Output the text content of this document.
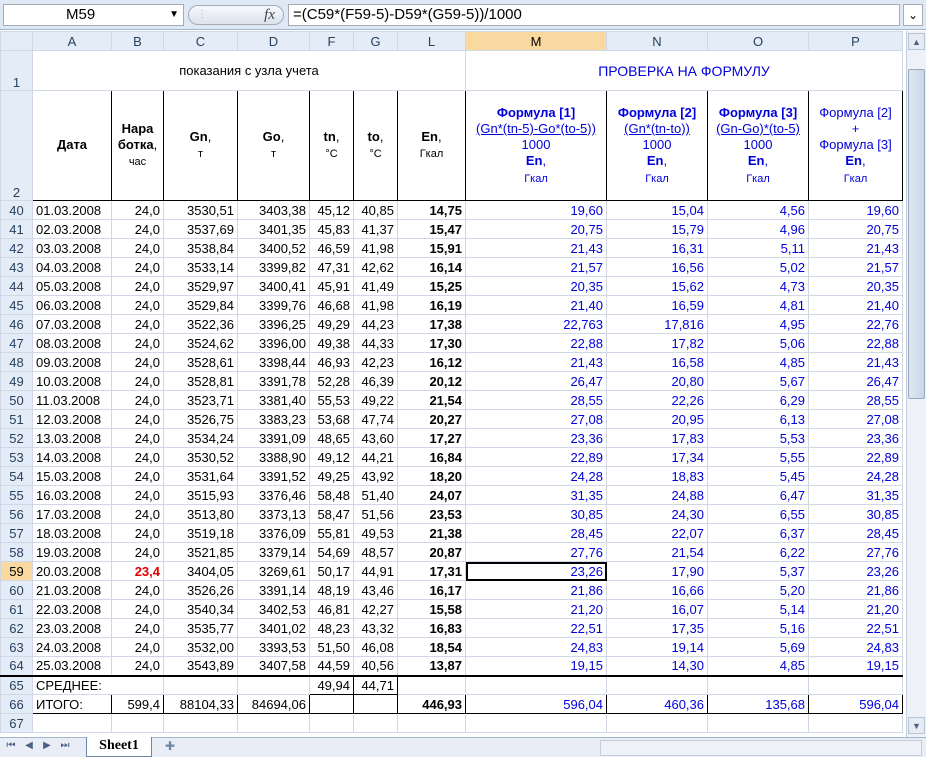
M59	▼ ⋮	fx	=(C59*(F59-5)-D59*(G59-5))/1000	⌄
	A	B	C	D	F	G	L	M	N	O	P
1	показания с узла учета							ПРОВЕРКА НА ФОРМУЛУ			
2	Дата	Нара
ботка,
час	Gn,
т	Go,
т	tn,
°С	to,
°С	En,
Гкал	Формула [1]
(Gn*(tn-5)-Go*(to-5))
1000
En,
Гкал	Формула [2]
(Gn*(tn-to))
1000
En,
Гкал	Формула [3]
(Gn-Go)*(to-5)
1000
En,
Гкал	Формула [2]
+
Формула [3]
En,
Гкал
40	01.03.2008	24,0	3530,51	3403,38	45,12	40,85	14,75	19,60	15,04	4,56	19,60
41	02.03.2008	24,0	3537,69	3401,35	45,83	41,37	15,47	20,75	15,79	4,96	20,75
42	03.03.2008	24,0	3538,84	3400,52	46,59	41,98	15,91	21,43	16,31	5,11	21,43
43	04.03.2008	24,0	3533,14	3399,82	47,31	42,62	16,14	21,57	16,56	5,02	21,57
44	05.03.2008	24,0	3529,97	3400,41	45,91	41,49	15,25	20,35	15,62	4,73	20,35
45	06.03.2008	24,0	3529,84	3399,76	46,68	41,98	16,19	21,40	16,59	4,81	21,40
46	07.03.2008	24,0	3522,36	3396,25	49,29	44,23	17,38	22,763	17,816	4,95	22,76
47	08.03.2008	24,0	3524,62	3396,00	49,38	44,33	17,30	22,88	17,82	5,06	22,88
48	09.03.2008	24,0	3528,61	3398,44	46,93	42,23	16,12	21,43	16,58	4,85	21,43
49	10.03.2008	24,0	3528,81	3391,78	52,28	46,39	20,12	26,47	20,80	5,67	26,47
50	11.03.2008	24,0	3523,71	3381,40	55,53	49,22	21,54	28,55	22,26	6,29	28,55
51	12.03.2008	24,0	3526,75	3383,23	53,68	47,74	20,27	27,08	20,95	6,13	27,08
52	13.03.2008	24,0	3534,24	3391,09	48,65	43,60	17,27	23,36	17,83	5,53	23,36
53	14.03.2008	24,0	3530,52	3388,90	49,12	44,21	16,84	22,89	17,34	5,55	22,89
54	15.03.2008	24,0	3531,64	3391,52	49,25	43,92	18,20	24,28	18,83	5,45	24,28
55	16.03.2008	24,0	3515,93	3376,46	58,48	51,40	24,07	31,35	24,88	6,47	31,35
56	17.03.2008	24,0	3513,80	3373,13	58,47	51,56	23,53	30,85	24,30	6,55	30,85
57	18.03.2008	24,0	3519,18	3376,09	55,81	49,53	21,38	28,45	22,07	6,37	28,45
58	19.03.2008	24,0	3521,85	3379,14	54,69	48,57	20,87	27,76	21,54	6,22	27,76
59	20.03.2008	23,4	3404,05	3269,61	50,17	44,91	17,31	23,26	17,90	5,37	23,26
60	21.03.2008	24,0	3526,26	3391,14	48,19	43,46	16,17	21,86	16,66	5,20	21,86
61	22.03.2008	24,0	3540,34	3402,53	46,81	42,27	15,58	21,20	16,07	5,14	21,20
62	23.03.2008	24,0	3535,77	3401,02	48,23	43,32	16,83	22,51	17,35	5,16	22,51
63	24.03.2008	24,0	3532,00	3393,53	51,50	46,08	18,54	24,83	19,14	5,69	24,83
64	25.03.2008	24,0	3543,89	3407,58	44,59	40,56	13,87	19,15	14,30	4,85	19,15
65	СРЕДНЕЕ:				49,94	44,71					
66	ИТОГО:	599,4	88104,33	84694,06			446,93	596,04	460,36	135,68	596,04
67											
▲
▼
⏮ ◀	▶ ⏭	Sheet1	✚
